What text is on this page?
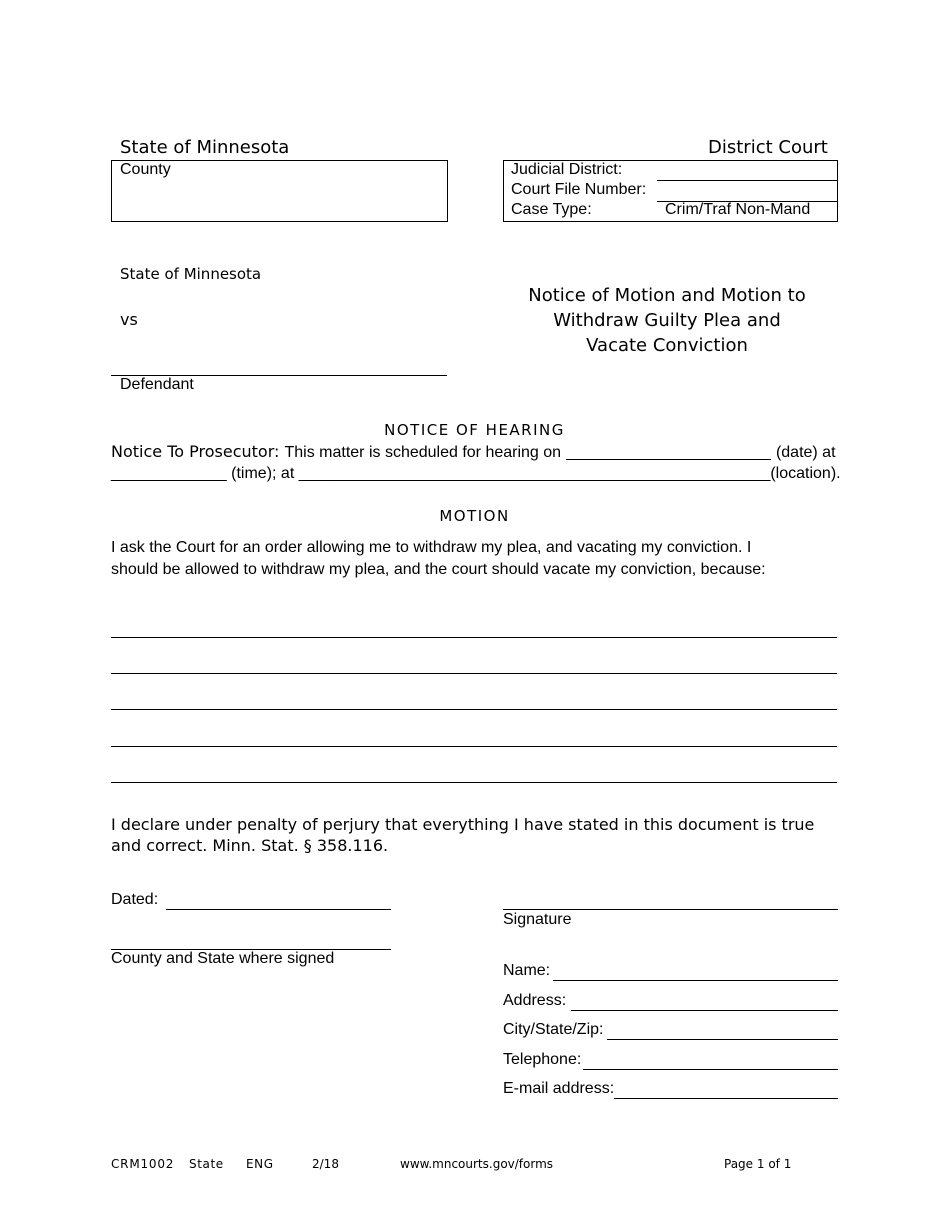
State of Minnesota	District Court
County	Judicial District:
Court File Number:
Case Type:	Crim/Traf Non-Mand
State of Minnesota
vs
Defendant
Notice of Motion and Motion to
Withdraw Guilty Plea and
Vacate Conviction
NOTICE OF HEARING
Notice To Prosecutor: This matter is scheduled for hearing on _______________________ (date) at
_____________ (time); at _____________________________________________________(location).
MOTION
I ask the Court for an order allowing me to withdraw my plea, and vacating my conviction. I
should be allowed to withdraw my plea, and the court should vacate my conviction, because:
I declare under penalty of perjury that everything I have stated in this document is true
and correct. Minn. Stat. § 358.116.
Dated:
County and State where signed
Signature
Name:
Address:
City/State/Zip:
Telephone:
E-mail address:
CRM1002 State ENG	2/18	www.mncourts.gov/forms	Page 1 of 1
